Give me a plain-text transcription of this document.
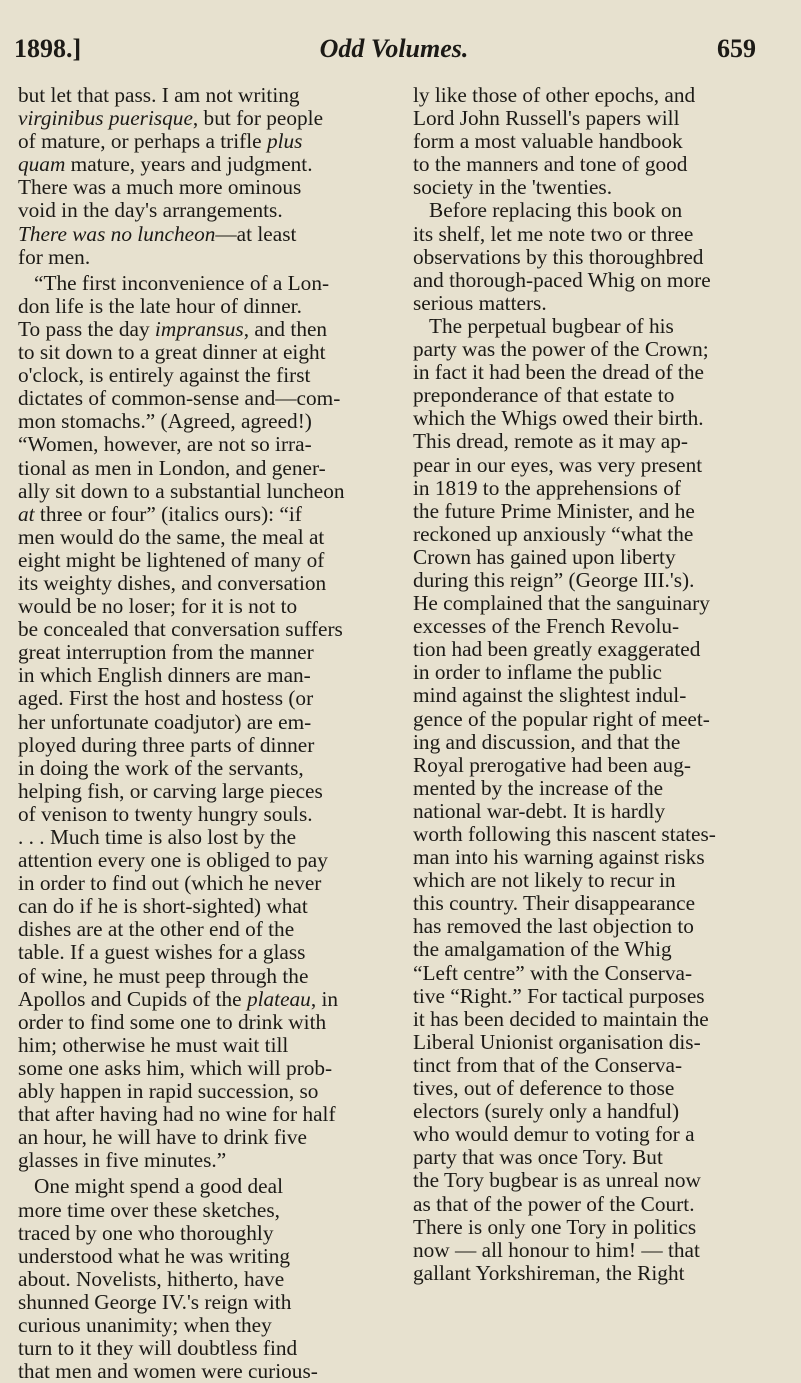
1898.]	Odd Volumes.	659
but let that pass. I am not writing
virginibus puerisque, but for people
of mature, or perhaps a trifle plus
quam mature, years and judgment.
There was a much more ominous
void in the day's arrangements.
There was no luncheon—at least
for men.
“The first inconvenience of a Lon-
don life is the late hour of dinner.
To pass the day impransus, and then
to sit down to a great dinner at eight
o'clock, is entirely against the first
dictates of common-sense and—com-
mon stomachs.” (Agreed, agreed!)
“Women, however, are not so irra-
tional as men in London, and gener-
ally sit down to a substantial luncheon
at three or four” (italics ours): “if
men would do the same, the meal at
eight might be lightened of many of
its weighty dishes, and conversation
would be no loser; for it is not to
be concealed that conversation suffers
great interruption from the manner
in which English dinners are man-
aged. First the host and hostess (or
her unfortunate coadjutor) are em-
ployed during three parts of dinner
in doing the work of the servants,
helping fish, or carving large pieces
of venison to twenty hungry souls.
. . . Much time is also lost by the
attention every one is obliged to pay
in order to find out (which he never
can do if he is short-sighted) what
dishes are at the other end of the
table. If a guest wishes for a glass
of wine, he must peep through the
Apollos and Cupids of the plateau, in
order to find some one to drink with
him; otherwise he must wait till
some one asks him, which will prob-
ably happen in rapid succession, so
that after having had no wine for half
an hour, he will have to drink five
glasses in five minutes.”
One might spend a good deal
more time over these sketches,
traced by one who thoroughly
understood what he was writing
about. Novelists, hitherto, have
shunned George IV.'s reign with
curious unanimity; when they
turn to it they will doubtless find
that men and women were curious-
ly like those of other epochs, and
Lord John Russell's papers will
form a most valuable handbook
to the manners and tone of good
society in the 'twenties.
Before replacing this book on
its shelf, let me note two or three
observations by this thoroughbred
and thorough-paced Whig on more
serious matters.
The perpetual bugbear of his
party was the power of the Crown;
in fact it had been the dread of the
preponderance of that estate to
which the Whigs owed their birth.
This dread, remote as it may ap-
pear in our eyes, was very present
in 1819 to the apprehensions of
the future Prime Minister, and he
reckoned up anxiously “what the
Crown has gained upon liberty
during this reign” (George III.'s).
He complained that the sanguinary
excesses of the French Revolu-
tion had been greatly exaggerated
in order to inflame the public
mind against the slightest indul-
gence of the popular right of meet-
ing and discussion, and that the
Royal prerogative had been aug-
mented by the increase of the
national war-debt. It is hardly
worth following this nascent states-
man into his warning against risks
which are not likely to recur in
this country. Their disappearance
has removed the last objection to
the amalgamation of the Whig
“Left centre” with the Conserva-
tive “Right.” For tactical purposes
it has been decided to maintain the
Liberal Unionist organisation dis-
tinct from that of the Conserva-
tives, out of deference to those
electors (surely only a handful)
who would demur to voting for a
party that was once Tory. But
the Tory bugbear is as unreal now
as that of the power of the Court.
There is only one Tory in politics
now — all honour to him! — that
gallant Yorkshireman, the Right
